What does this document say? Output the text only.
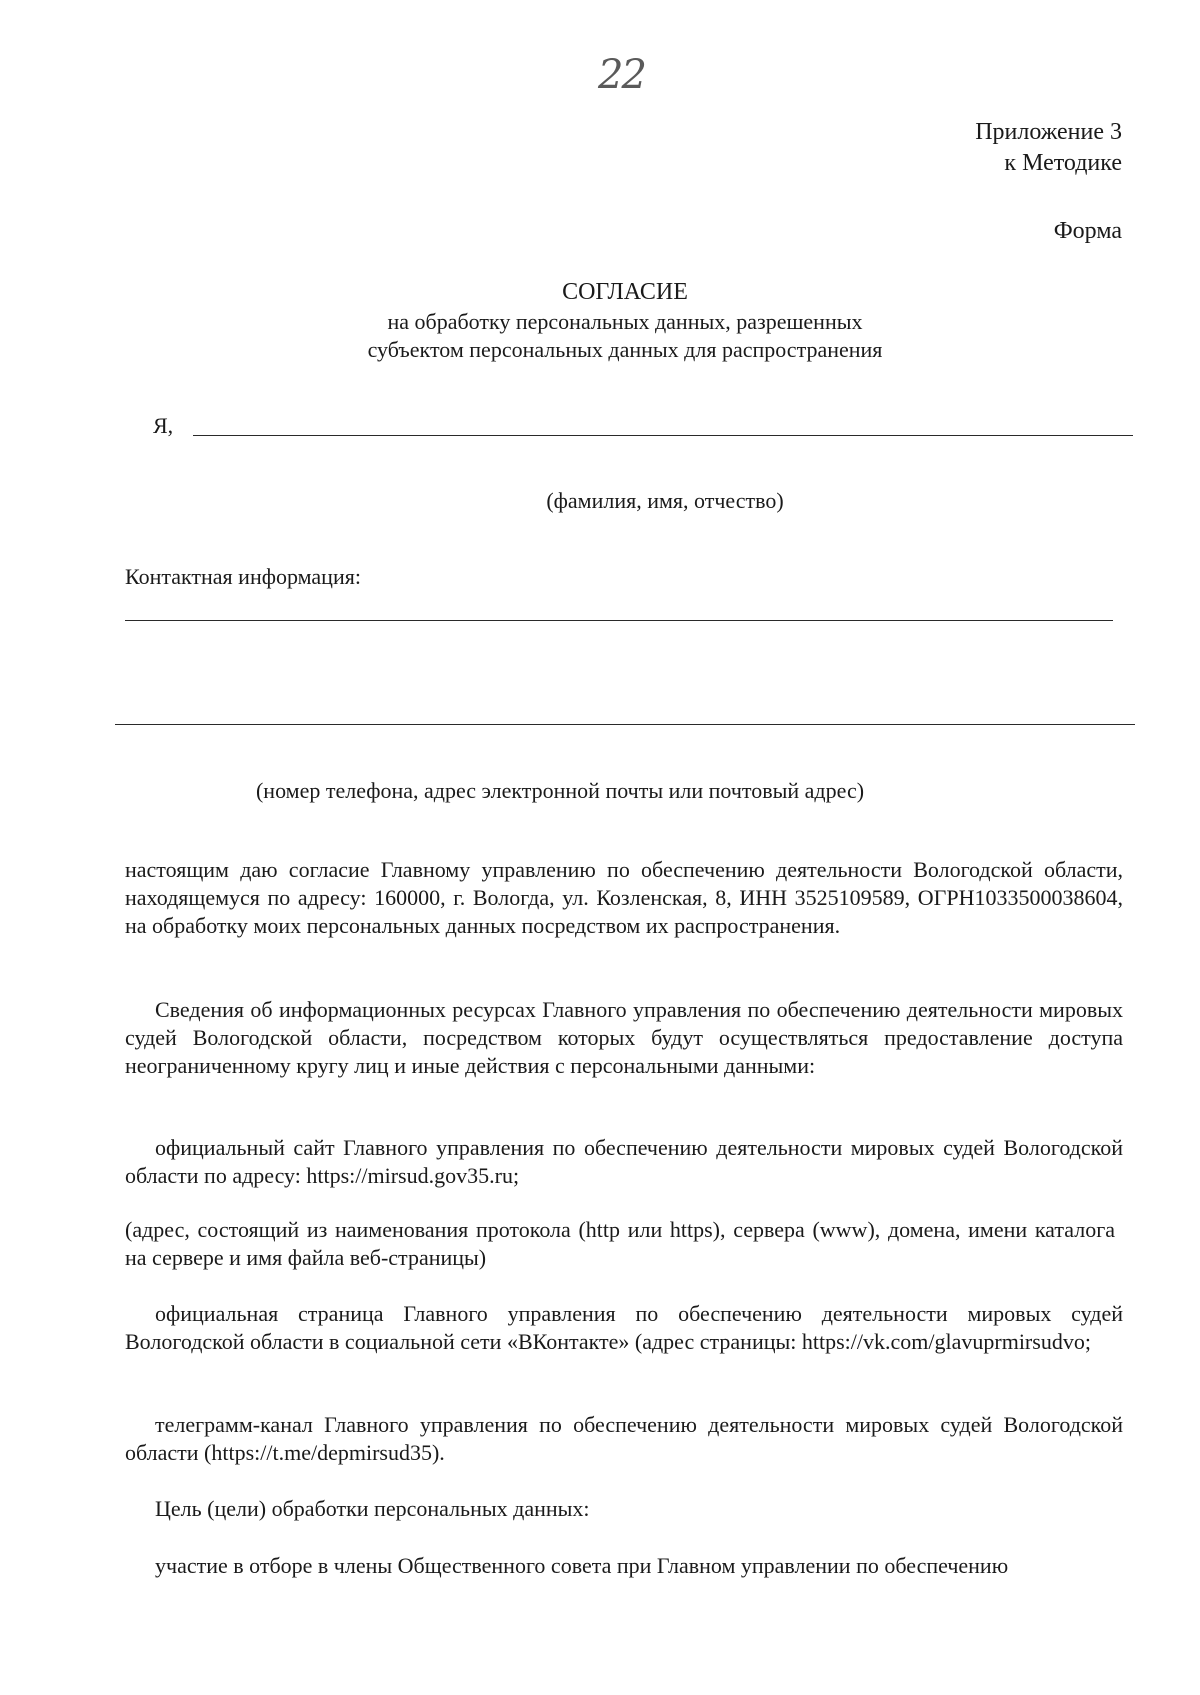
22
Приложение 3
к Методике
Форма
СОГЛАСИЕ
на обработку персональных данных, разрешенных
субъектом персональных данных для распространения
Я,
(фамилия, имя, отчество)
Контактная информация:
(номер телефона, адрес электронной почты или почтовый адрес)
настоящим даю согласие Главному управлению по обеспечению деятельности Вологодской области, находящемуся по адресу: 160000, г. Вологда, ул. Козленская, 8, ИНН 3525109589, ОГРН1033500038604, на обработку моих персональных данных посредством их распространения.
Сведения об информационных ресурсах Главного управления по обеспечению деятельности мировых судей Вологодской области, посредством которых будут осуществляться предоставление доступа неограниченному кругу лиц и иные действия с персональными данными:
официальный сайт Главного управления по обеспечению деятельности мировых судей Вологодской области по адресу: https://mirsud.gov35.ru;
(адрес, состоящий из наименования протокола (http или https), сервера (www), домена, имени каталога на сервере и имя файла веб-страницы)
официальная страница Главного управления по обеспечению деятельности мировых судей Вологодской области в социальной сети «ВКонтакте» (адрес страницы: https://vk.com/glavuprmirsudvo;
телеграмм-канал Главного управления по обеспечению деятельности мировых судей Вологодской области (https://t.me/depmirsud35).
Цель (цели) обработки персональных данных:
участие в отборе в члены Общественного совета при Главном управлении по обеспечению
